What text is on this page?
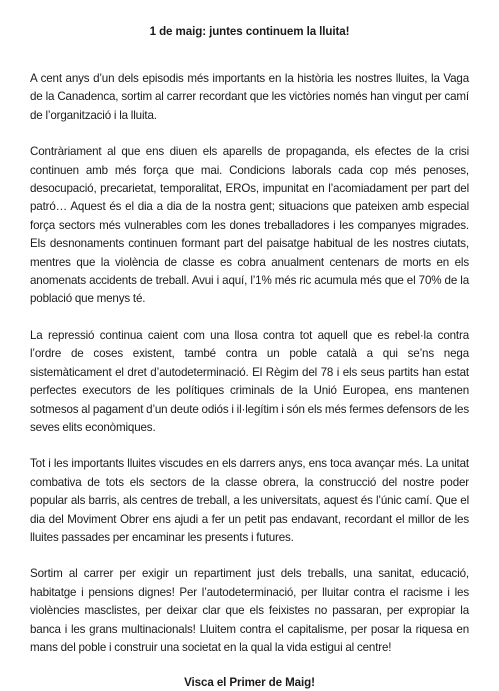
1 de maig: juntes continuem la lluita!

A cent anys d’un dels episodis més importants en la història les nostres lluites, la Vaga de la Canadenca, sortim al carrer recordant que les victòries només han vingut per camí de l’organització i la lluita.

Contràriament al que ens diuen els aparells de propaganda, els efectes de la crisi continuen amb més força que mai. Condicions laborals cada cop més penoses, desocupació, precarietat, temporalitat, EROs, impunitat en l’acomiadament per part del patró… Aquest és el dia a dia de la nostra gent; situacions que pateixen amb especial força sectors més vulnerables com les dones treballadores i les companyes migrades. Els desnonaments continuen formant part del paisatge habitual de les nostres ciutats, mentres que la violència de classe es cobra anualment centenars de morts en els anomenats accidents de treball. Avui i aquí, l’1% més ric acumula més que el 70% de la població que menys té.

La repressió continua caient com una llosa contra tot aquell que es rebel·la contra l’ordre de coses existent, també contra un poble català a qui se’ns nega sistemàticament el dret d’autodeterminació. El Règim del 78 i els seus partits han estat perfectes executors de les polítiques criminals de la Unió Europea, ens mantenen sotmesos al pagament d’un deute odiós i il·legítim i són els més fermes defensors de les seves elits econòmiques.

Tot i les importants lluites viscudes en els darrers anys, ens toca avançar més. La unitat combativa de tots els sectors de la classe obrera, la construcció del nostre poder popular als barris, als centres de treball, a les universitats, aquest és l’únic camí. Que el dia del Moviment Obrer ens ajudi a fer un petit pas endavant, recordant el millor de les lluites passades per encaminar les presents i futures.

Sortim al carrer per exigir un repartiment just dels treballs, una sanitat, educació, habitatge i pensions dignes! Per l’autodeterminació, per lluitar contra el racisme i les violències masclistes, per deixar clar que els feixistes no passaran, per expropiar la banca i les grans multinacionals! Lluitem contra el capitalisme, per posar la riquesa en mans del poble i construir una societat en la qual la vida estigui al centre!

Visca el Primer de Maig!
